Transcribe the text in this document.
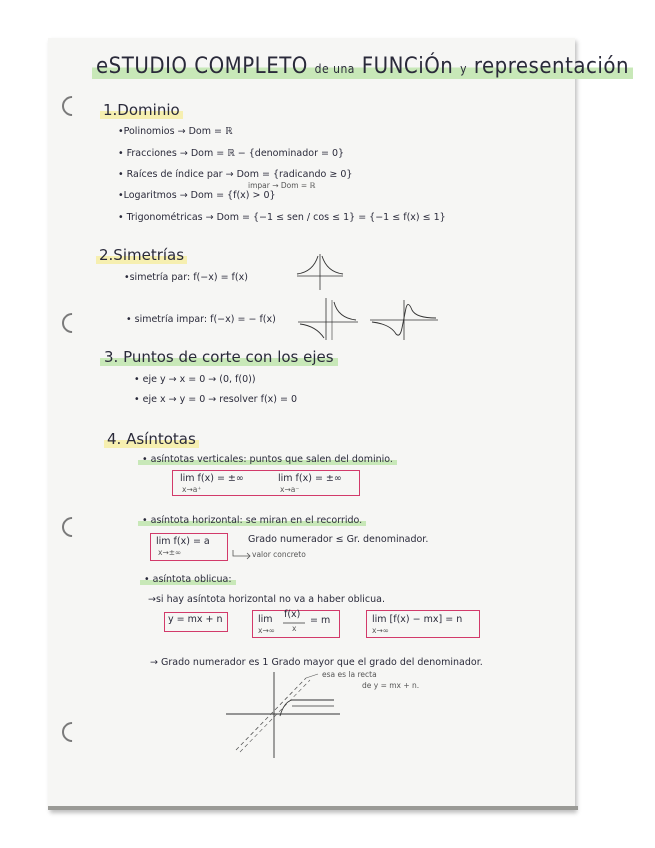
eSTUDIO COMPLETO de una FUNCiÓn y representación
1.Dominio
•Polinomios → Dom = ℝ
• Fracciones → Dom = ℝ − {denominador = 0}
• Raíces de índice par → Dom = {radicando ≥ 0}
impar → Dom = ℝ
•Logaritmos → Dom = {f(x) > 0}
• Trigonométricas → Dom = {−1 ≤ sen / cos ≤ 1} = {−1 ≤ f(x) ≤ 1}
2.Simetrías
•simetría par: f(−x) = f(x)
• simetría impar: f(−x) = − f(x)
3. Puntos de corte con los ejes
• eje y → x = 0 → (0, f(0))
• eje x → y = 0 → resolver f(x) = 0
4. Asíntotas
• asíntotas verticales: puntos que salen del dominio.
lim f(x) = ±∞
x→a⁺
lim f(x) = ±∞
x→a⁻
• asíntota horizontal: se miran en el recorrido.
lim f(x) = a
x→±∞
Grado numerador ≤ Gr. denominador.
valor concreto
• asíntota oblicua:
→si hay asíntota horizontal no va a haber oblicua.
y = mx + n	lim
x→∞
f(x)
x
= m	lim [f(x) − mx] = n
x→∞
→ Grado numerador es 1 Grado mayor que el grado del denominador.
esa es la recta
de y = mx + n.
